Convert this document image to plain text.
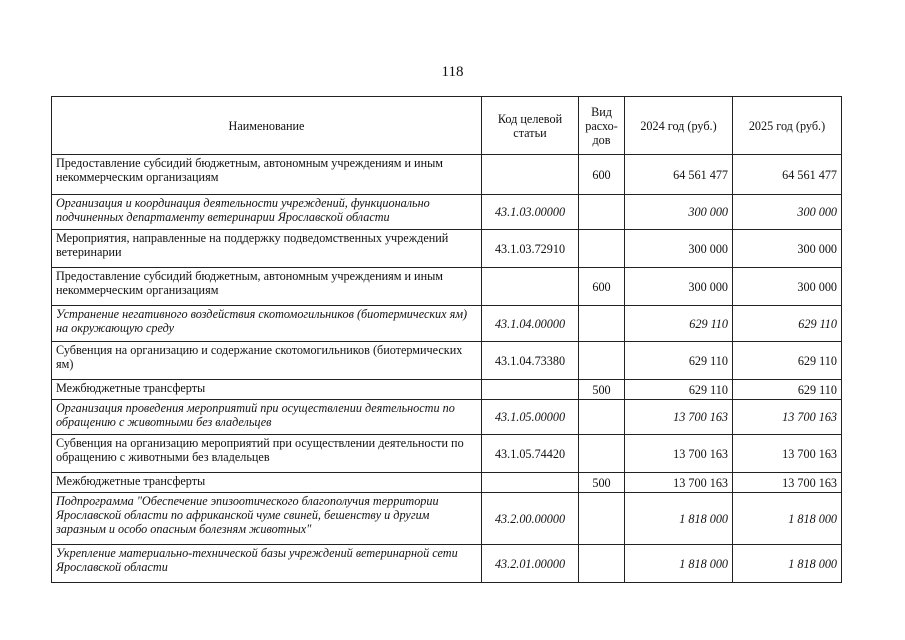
118
Наименование	Код целевой статьи	Вид расхо-дов	2024 год (руб.)	2025 год (руб.)
Предоставление субсидий бюджетным, автономным учреждениям и иным некоммерческим организациям		600	64 561 477	64 561 477
Организация и координация деятельности учреждений, функционально подчиненных департаменту ветеринарии Ярославской области	43.1.03.00000		300 000	300 000
Мероприятия, направленные на поддержку подведомственных учреждений ветеринарии	43.1.03.72910		300 000	300 000
Предоставление субсидий бюджетным, автономным учреждениям и иным некоммерческим организациям		600	300 000	300 000
Устранение негативного воздействия скотомогильников (биотермических ям) на окружающую среду	43.1.04.00000		629 110	629 110
Субвенция на организацию и содержание скотомогильников (биотермических ям)	43.1.04.73380		629 110	629 110
Межбюджетные трансферты		500	629 110	629 110
Организация проведения мероприятий при осуществлении деятельности по обращению с животными без владельцев	43.1.05.00000		13 700 163	13 700 163
Субвенция на организацию мероприятий при осуществлении деятельности по обращению с животными без владельцев	43.1.05.74420		13 700 163	13 700 163
Межбюджетные трансферты		500	13 700 163	13 700 163
Подпрограмма "Обеспечение эпизоотического благополучия территории Ярославской области по африканской чуме свиней, бешенству и другим заразным и особо опасным болезням животных"	43.2.00.00000		1 818 000	1 818 000
Укрепление материально-технической базы учреждений ветеринарной сети Ярославской области	43.2.01.00000		1 818 000	1 818 000
